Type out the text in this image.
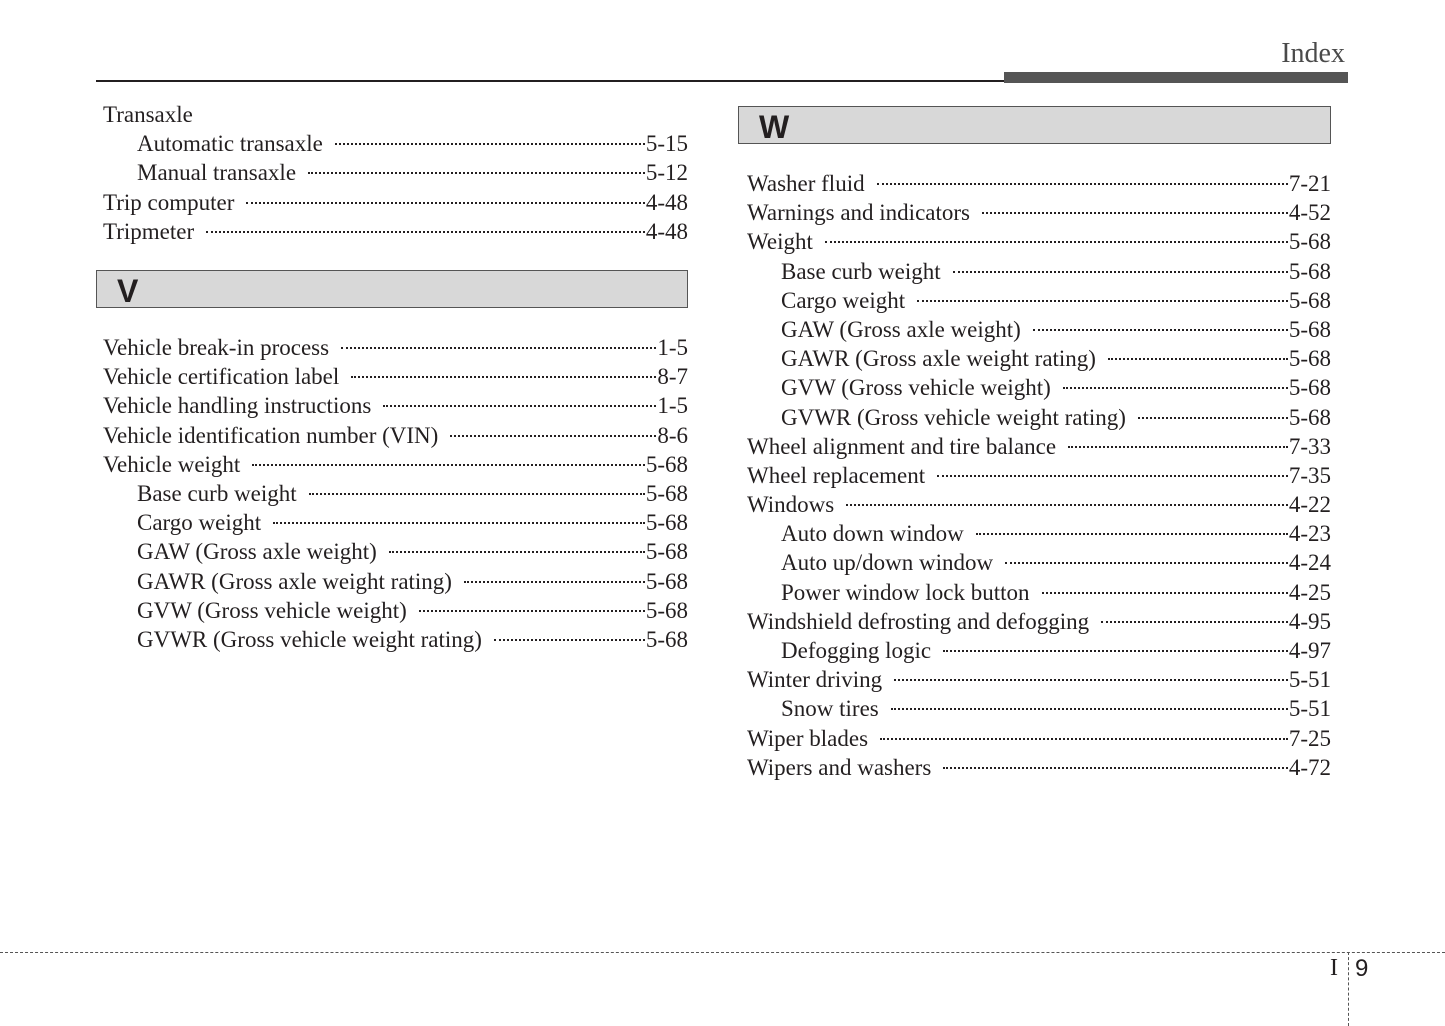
Index
Transaxle
Automatic transaxle	5-15
Manual transaxle	5-12
Trip computer	4-48
Tripmeter	4-48
V
Vehicle break-in process	1-5
Vehicle certification label	8-7
Vehicle handling instructions	1-5
Vehicle identification number (VIN)	8-6
Vehicle weight	5-68
Base curb weight	5-68
Cargo weight	5-68
GAW (Gross axle weight)	5-68
GAWR (Gross axle weight rating)	5-68
GVW (Gross vehicle weight)	5-68
GVWR (Gross vehicle weight rating)	5-68
W
Washer fluid	7-21
Warnings and indicators	4-52
Weight	5-68
Base curb weight	5-68
Cargo weight	5-68
GAW (Gross axle weight)	5-68
GAWR (Gross axle weight rating)	5-68
GVW (Gross vehicle weight)	5-68
GVWR (Gross vehicle weight rating)	5-68
Wheel alignment and tire balance	7-33
Wheel replacement	7-35
Windows	4-22
Auto down window	4-23
Auto up/down window	4-24
Power window lock button	4-25
Windshield defrosting and defogging	4-95
Defogging logic	4-97
Winter driving	5-51
Snow tires	5-51
Wiper blades	7-25
Wipers and washers	4-72
I 9
